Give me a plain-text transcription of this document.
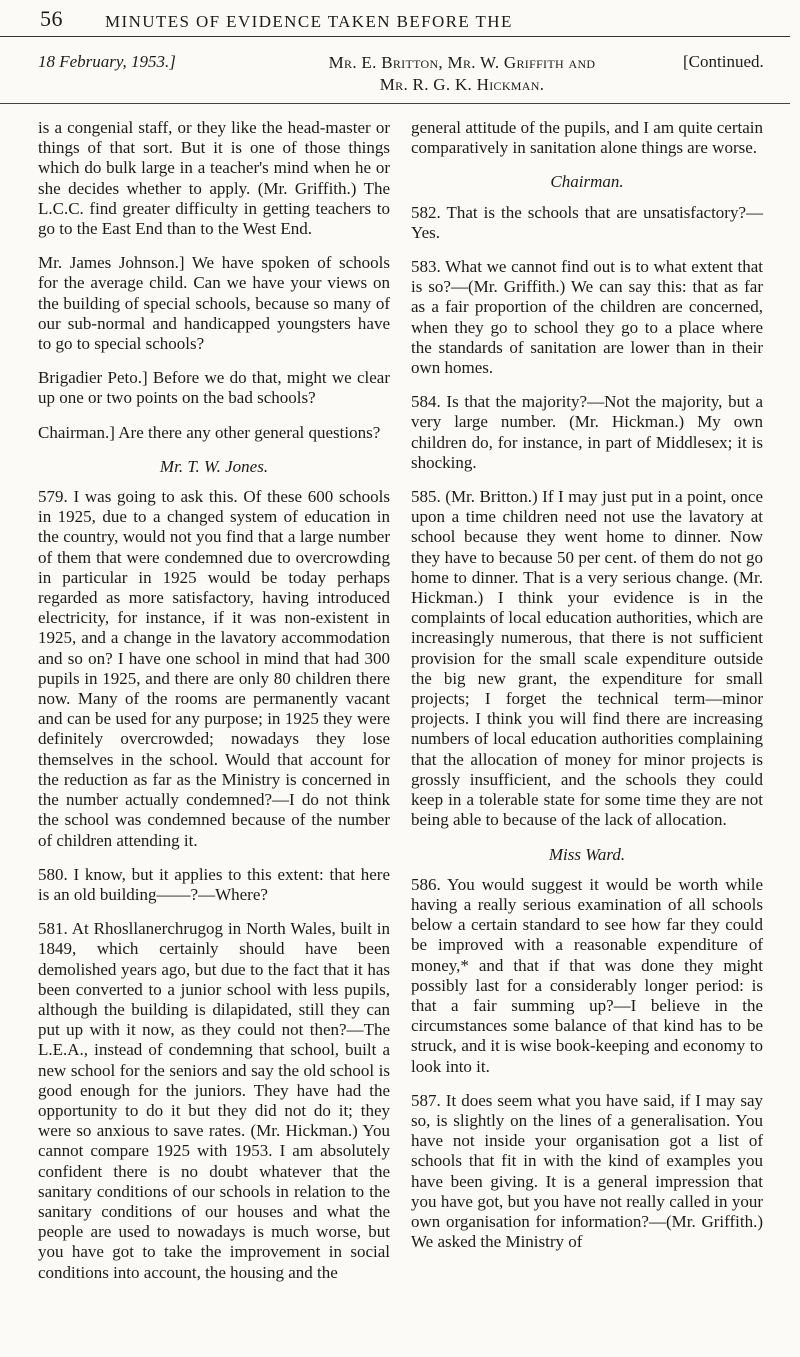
56 MINUTES OF EVIDENCE TAKEN BEFORE THE
18 February, 1953.]	Mr. E. Britton, Mr. W. Griffith and
Mr. R. G. K. Hickman.
[Continued.

is a congenial staff, or they like the head-master or things of that sort. But it is one of those things which do bulk large in a teacher's mind when he or she decides whether to apply. (Mr. Griffith.) The L.C.C. find greater difficulty in getting teachers to go to the East End than to the West End.

Mr. James Johnson.] We have spoken of schools for the average child. Can we have your views on the building of special schools, because so many of our sub-normal and handicapped youngsters have to go to special schools?

Brigadier Peto.] Before we do that, might we clear up one or two points on the bad schools?

Chairman.] Are there any other general questions?

Mr. T. W. Jones.

579. I was going to ask this. Of these 600 schools in 1925, due to a changed system of education in the country, would not you find that a large number of them that were condemned due to overcrowding in particular in 1925 would be today perhaps regarded as more satisfactory, having introduced electricity, for instance, if it was non-existent in 1925, and a change in the lavatory accommodation and so on? I have one school in mind that had 300 pupils in 1925, and there are only 80 children there now. Many of the rooms are permanently vacant and can be used for any purpose; in 1925 they were definitely overcrowded; nowadays they lose themselves in the school. Would that account for the reduction as far as the Ministry is concerned in the number actually condemned?—I do not think the school was condemned because of the number of children attending it.

580. I know, but it applies to this extent: that here is an old building——?—Where?

581. At Rhosllanerchrugog in North Wales, built in 1849, which certainly should have been demolished years ago, but due to the fact that it has been converted to a junior school with less pupils, although the building is dilapidated, still they can put up with it now, as they could not then?—The L.E.A., instead of condemning that school, built a new school for the seniors and say the old school is good enough for the juniors. They have had the opportunity to do it but they did not do it; they were so anxious to save rates. (Mr. Hickman.) You cannot compare 1925 with 1953. I am absolutely confident there is no doubt whatever that the sanitary conditions of our schools in relation to the sanitary conditions of our houses and what the people are used to nowadays is much worse, but you have got to take the improvement in social conditions into account, the housing and the

general attitude of the pupils, and I am quite certain comparatively in sanitation alone things are worse.

Chairman.

582. That is the schools that are unsatisfactory?—Yes.

583. What we cannot find out is to what extent that is so?—(Mr. Griffith.) We can say this: that as far as a fair proportion of the children are concerned, when they go to school they go to a place where the standards of sanitation are lower than in their own homes.

584. Is that the majority?—Not the majority, but a very large number. (Mr. Hickman.) My own children do, for instance, in part of Middlesex; it is shocking.

585. (Mr. Britton.) If I may just put in a point, once upon a time children need not use the lavatory at school because they went home to dinner. Now they have to because 50 per cent. of them do not go home to dinner. That is a very serious change. (Mr. Hickman.) I think your evidence is in the complaints of local education authorities, which are increasingly numerous, that there is not sufficient provision for the small scale expenditure outside the big new grant, the expenditure for small projects; I forget the technical term—minor projects. I think you will find there are increasing numbers of local education authorities complaining that the allocation of money for minor projects is grossly insufficient, and the schools they could keep in a tolerable state for some time they are not being able to because of the lack of allocation.

Miss Ward.

586. You would suggest it would be worth while having a really serious examination of all schools below a certain standard to see how far they could be improved with a reasonable expenditure of money,* and that if that was done they might possibly last for a considerably longer period: is that a fair summing up?—I believe in the circumstances some balance of that kind has to be struck, and it is wise book-keeping and economy to look into it.

587. It does seem what you have said, if I may say so, is slightly on the lines of a generalisation. You have not inside your organisation got a list of schools that fit in with the kind of examples you have been giving. It is a general impression that you have got, but you have not really called in your own organisation for information?—(Mr. Griffith.) We asked the Ministry of
